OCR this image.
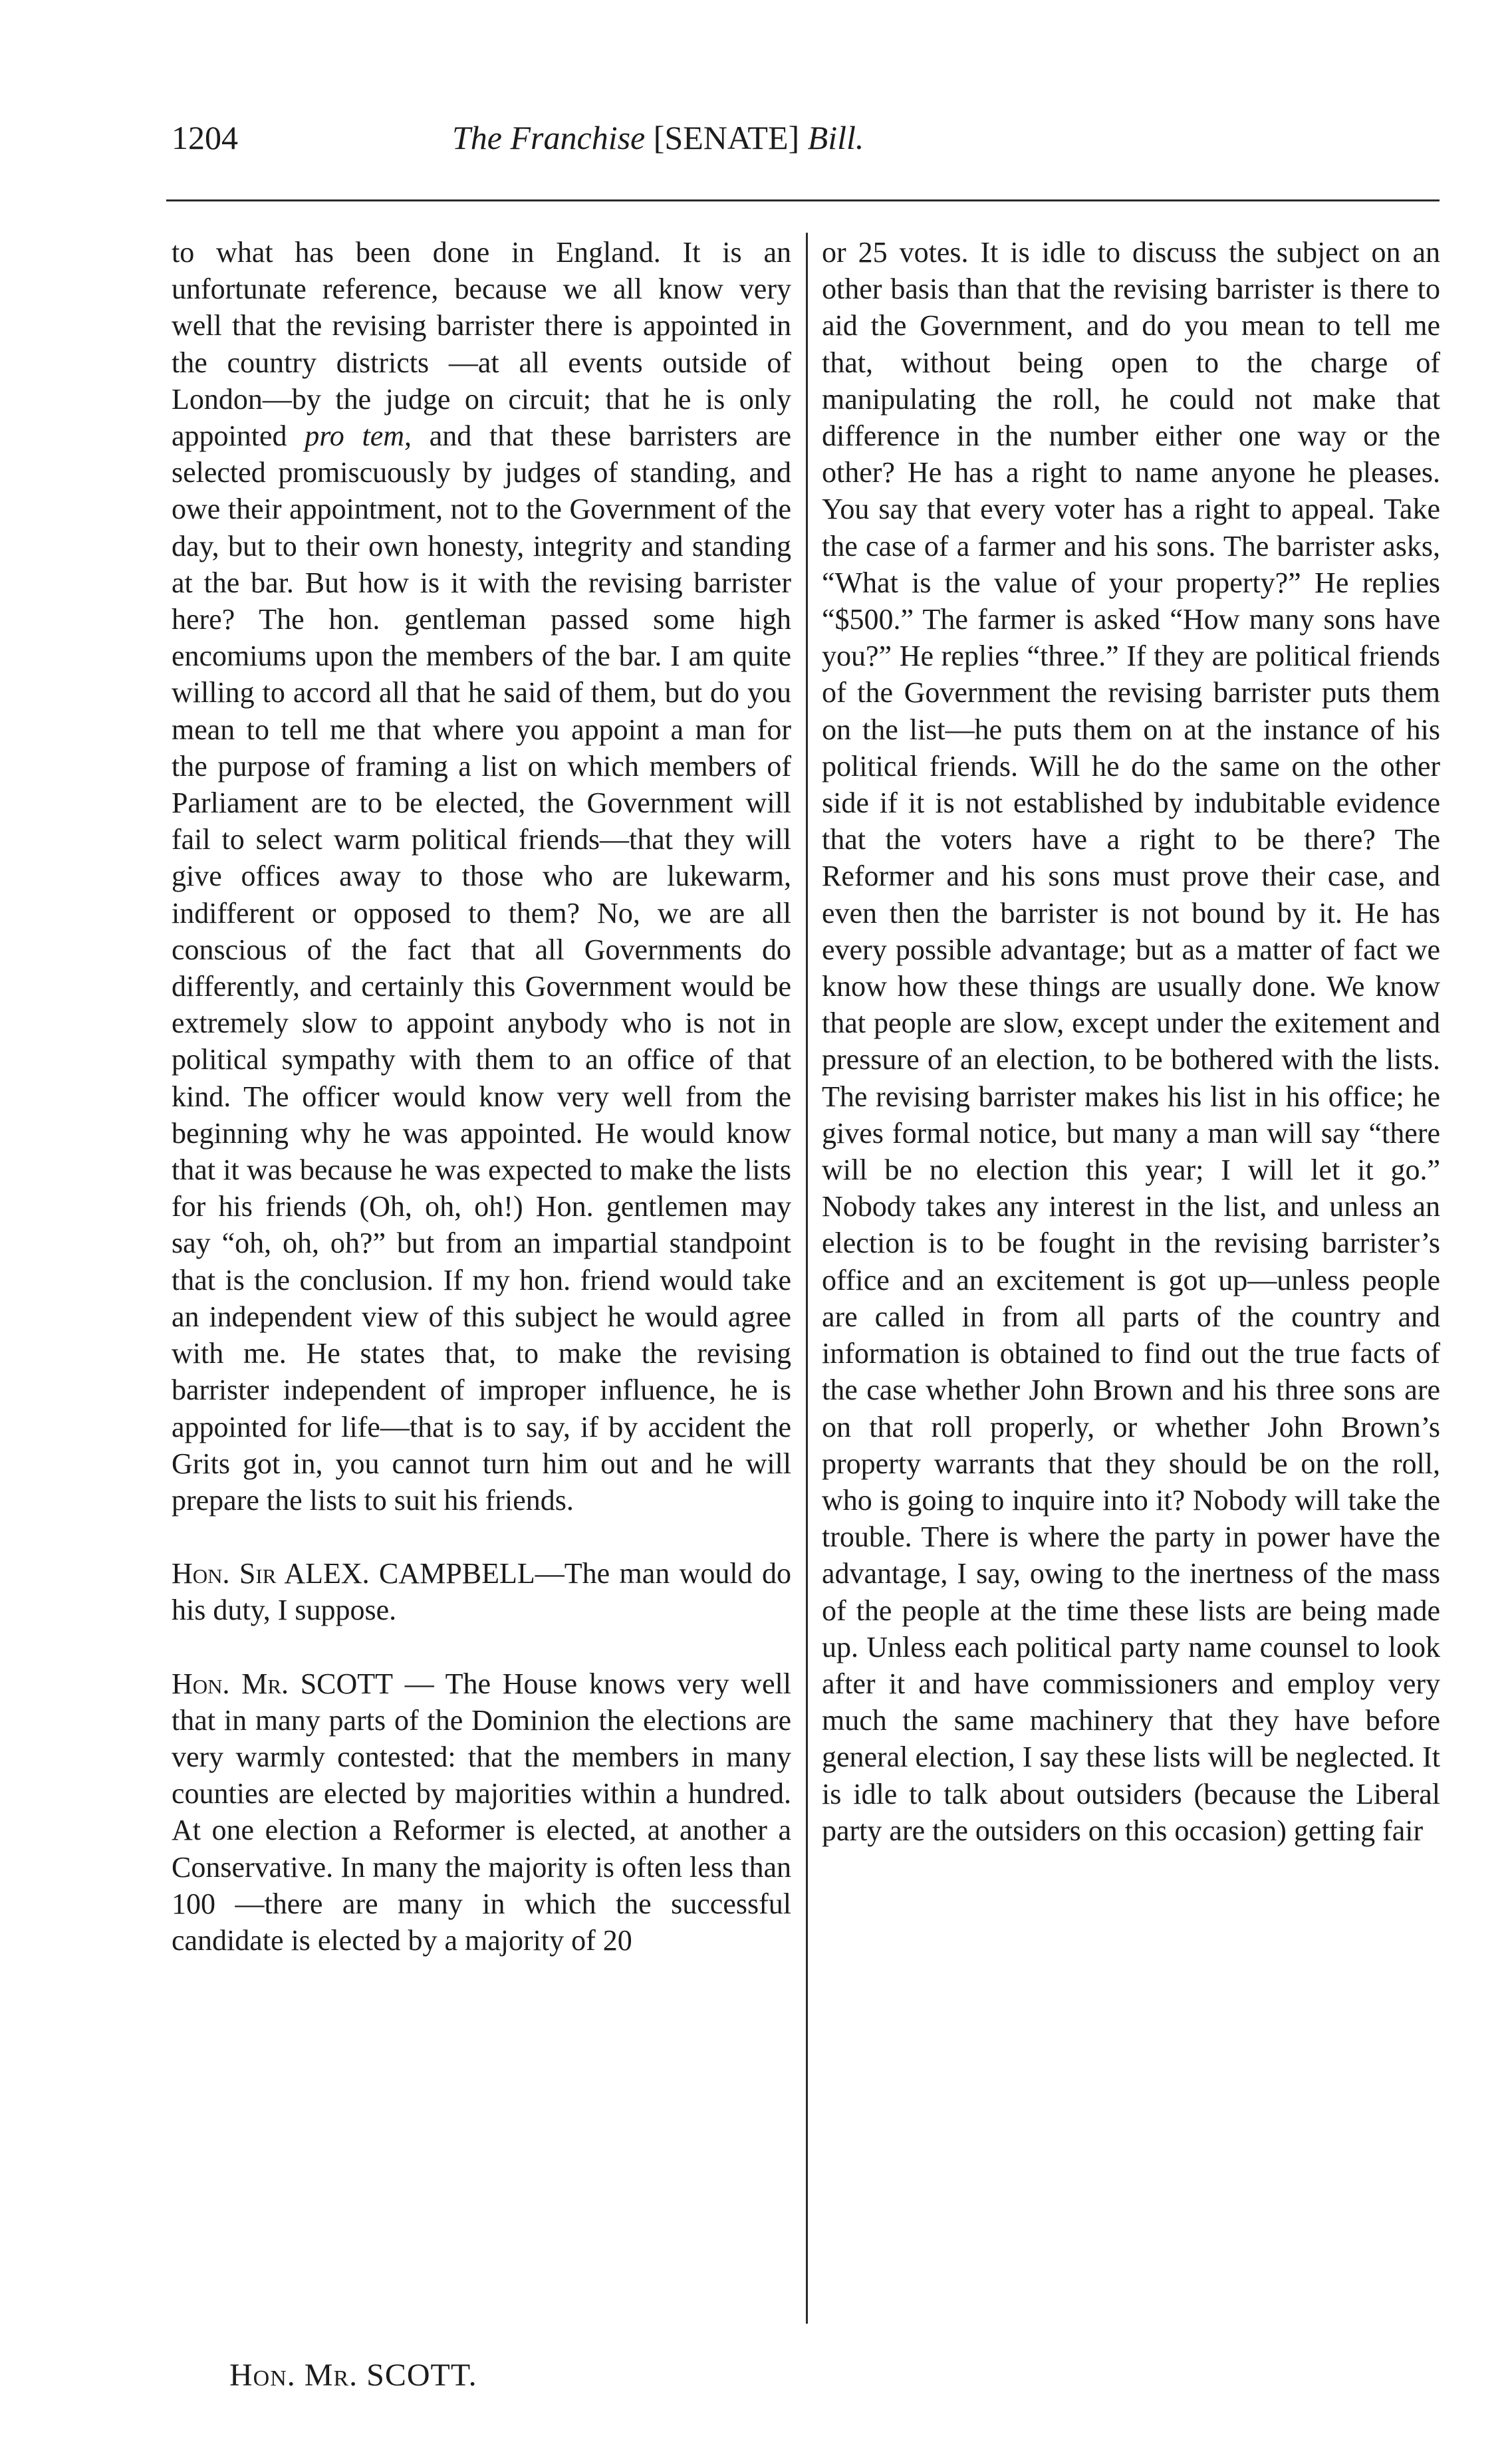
1204	The Franchise [SENATE] Bill.

to what has been done in England. It is an unfortunate reference, because we all know very well that the revising barrister there is appointed in the country districts —at all events outside of London—by the judge on circuit; that he is only appointed pro tem, and that these barristers are selected promiscuously by judges of standing, and owe their appointment, not to the Government of the day, but to their own honesty, integrity and standing at the bar. But how is it with the revising barrister here? The hon. gentleman passed some high encomiums upon the members of the bar. I am quite willing to accord all that he said of them, but do you mean to tell me that where you appoint a man for the purpose of framing a list on which members of Parliament are to be elected, the Government will fail to select warm political friends—that they will give offices away to those who are lukewarm, indifferent or opposed to them? No, we are all conscious of the fact that all Governments do differently, and certainly this Government would be extremely slow to appoint anybody who is not in political sympathy with them to an office of that kind. The officer would know very well from the beginning why he was appointed. He would know that it was because he was expected to make the lists for his friends (Oh, oh, oh!) Hon. gentlemen may say “oh, oh, oh?” but from an impartial standpoint that is the conclusion. If my hon. friend would take an independent view of this subject he would agree with me. He states that, to make the revising barrister independent of improper influence, he is appointed for life—that is to say, if by accident the Grits got in, you cannot turn him out and he will prepare the lists to suit his friends.

Hon. Sir ALEX. CAMPBELL—The man would do his duty, I suppose.

Hon. Mr. SCOTT — The House knows very well that in many parts of the Dominion the elections are very warmly contested: that the members in many counties are elected by majorities within a hundred. At one election a Reformer is elected, at another a Conservative. In many the majority is often less than 100 —there are many in which the successful candidate is elected by a majority of 20

or 25 votes. It is idle to discuss the subject on an other basis than that the revising barrister is there to aid the Government, and do you mean to tell me that, without being open to the charge of manipulating the roll, he could not make that difference in the number either one way or the other? He has a right to name anyone he pleases. You say that every voter has a right to appeal. Take the case of a farmer and his sons. The barrister asks, “What is the value of your property?” He replies “$500.” The farmer is asked “How many sons have you?” He replies “three.” If they are political friends of the Government the revising barrister puts them on the list—he puts them on at the instance of his political friends. Will he do the same on the other side if it is not established by indubitable evidence that the voters have a right to be there? The Reformer and his sons must prove their case, and even then the barrister is not bound by it. He has every possible advantage; but as a matter of fact we know how these things are usually done. We know that people are slow, except under the exitement and pressure of an election, to be bothered with the lists. The revising barrister makes his list in his office; he gives formal notice, but many a man will say “there will be no election this year; I will let it go.” Nobody takes any interest in the list, and unless an election is to be fought in the revising barrister’s office and an excitement is got up—unless people are called in from all parts of the country and information is obtained to find out the true facts of the case whether John Brown and his three sons are on that roll properly, or whether John Brown’s property warrants that they should be on the roll, who is going to inquire into it? Nobody will take the trouble. There is where the party in power have the advantage, I say, owing to the inertness of the mass of the people at the time these lists are being made up. Unless each political party name counsel to look after it and have commissioners and employ very much the same machinery that they have before general election, I say these lists will be neglected. It is idle to talk about outsiders (because the Liberal party are the outsiders on this occasion) getting fair

Hon. Mr. SCOTT.
